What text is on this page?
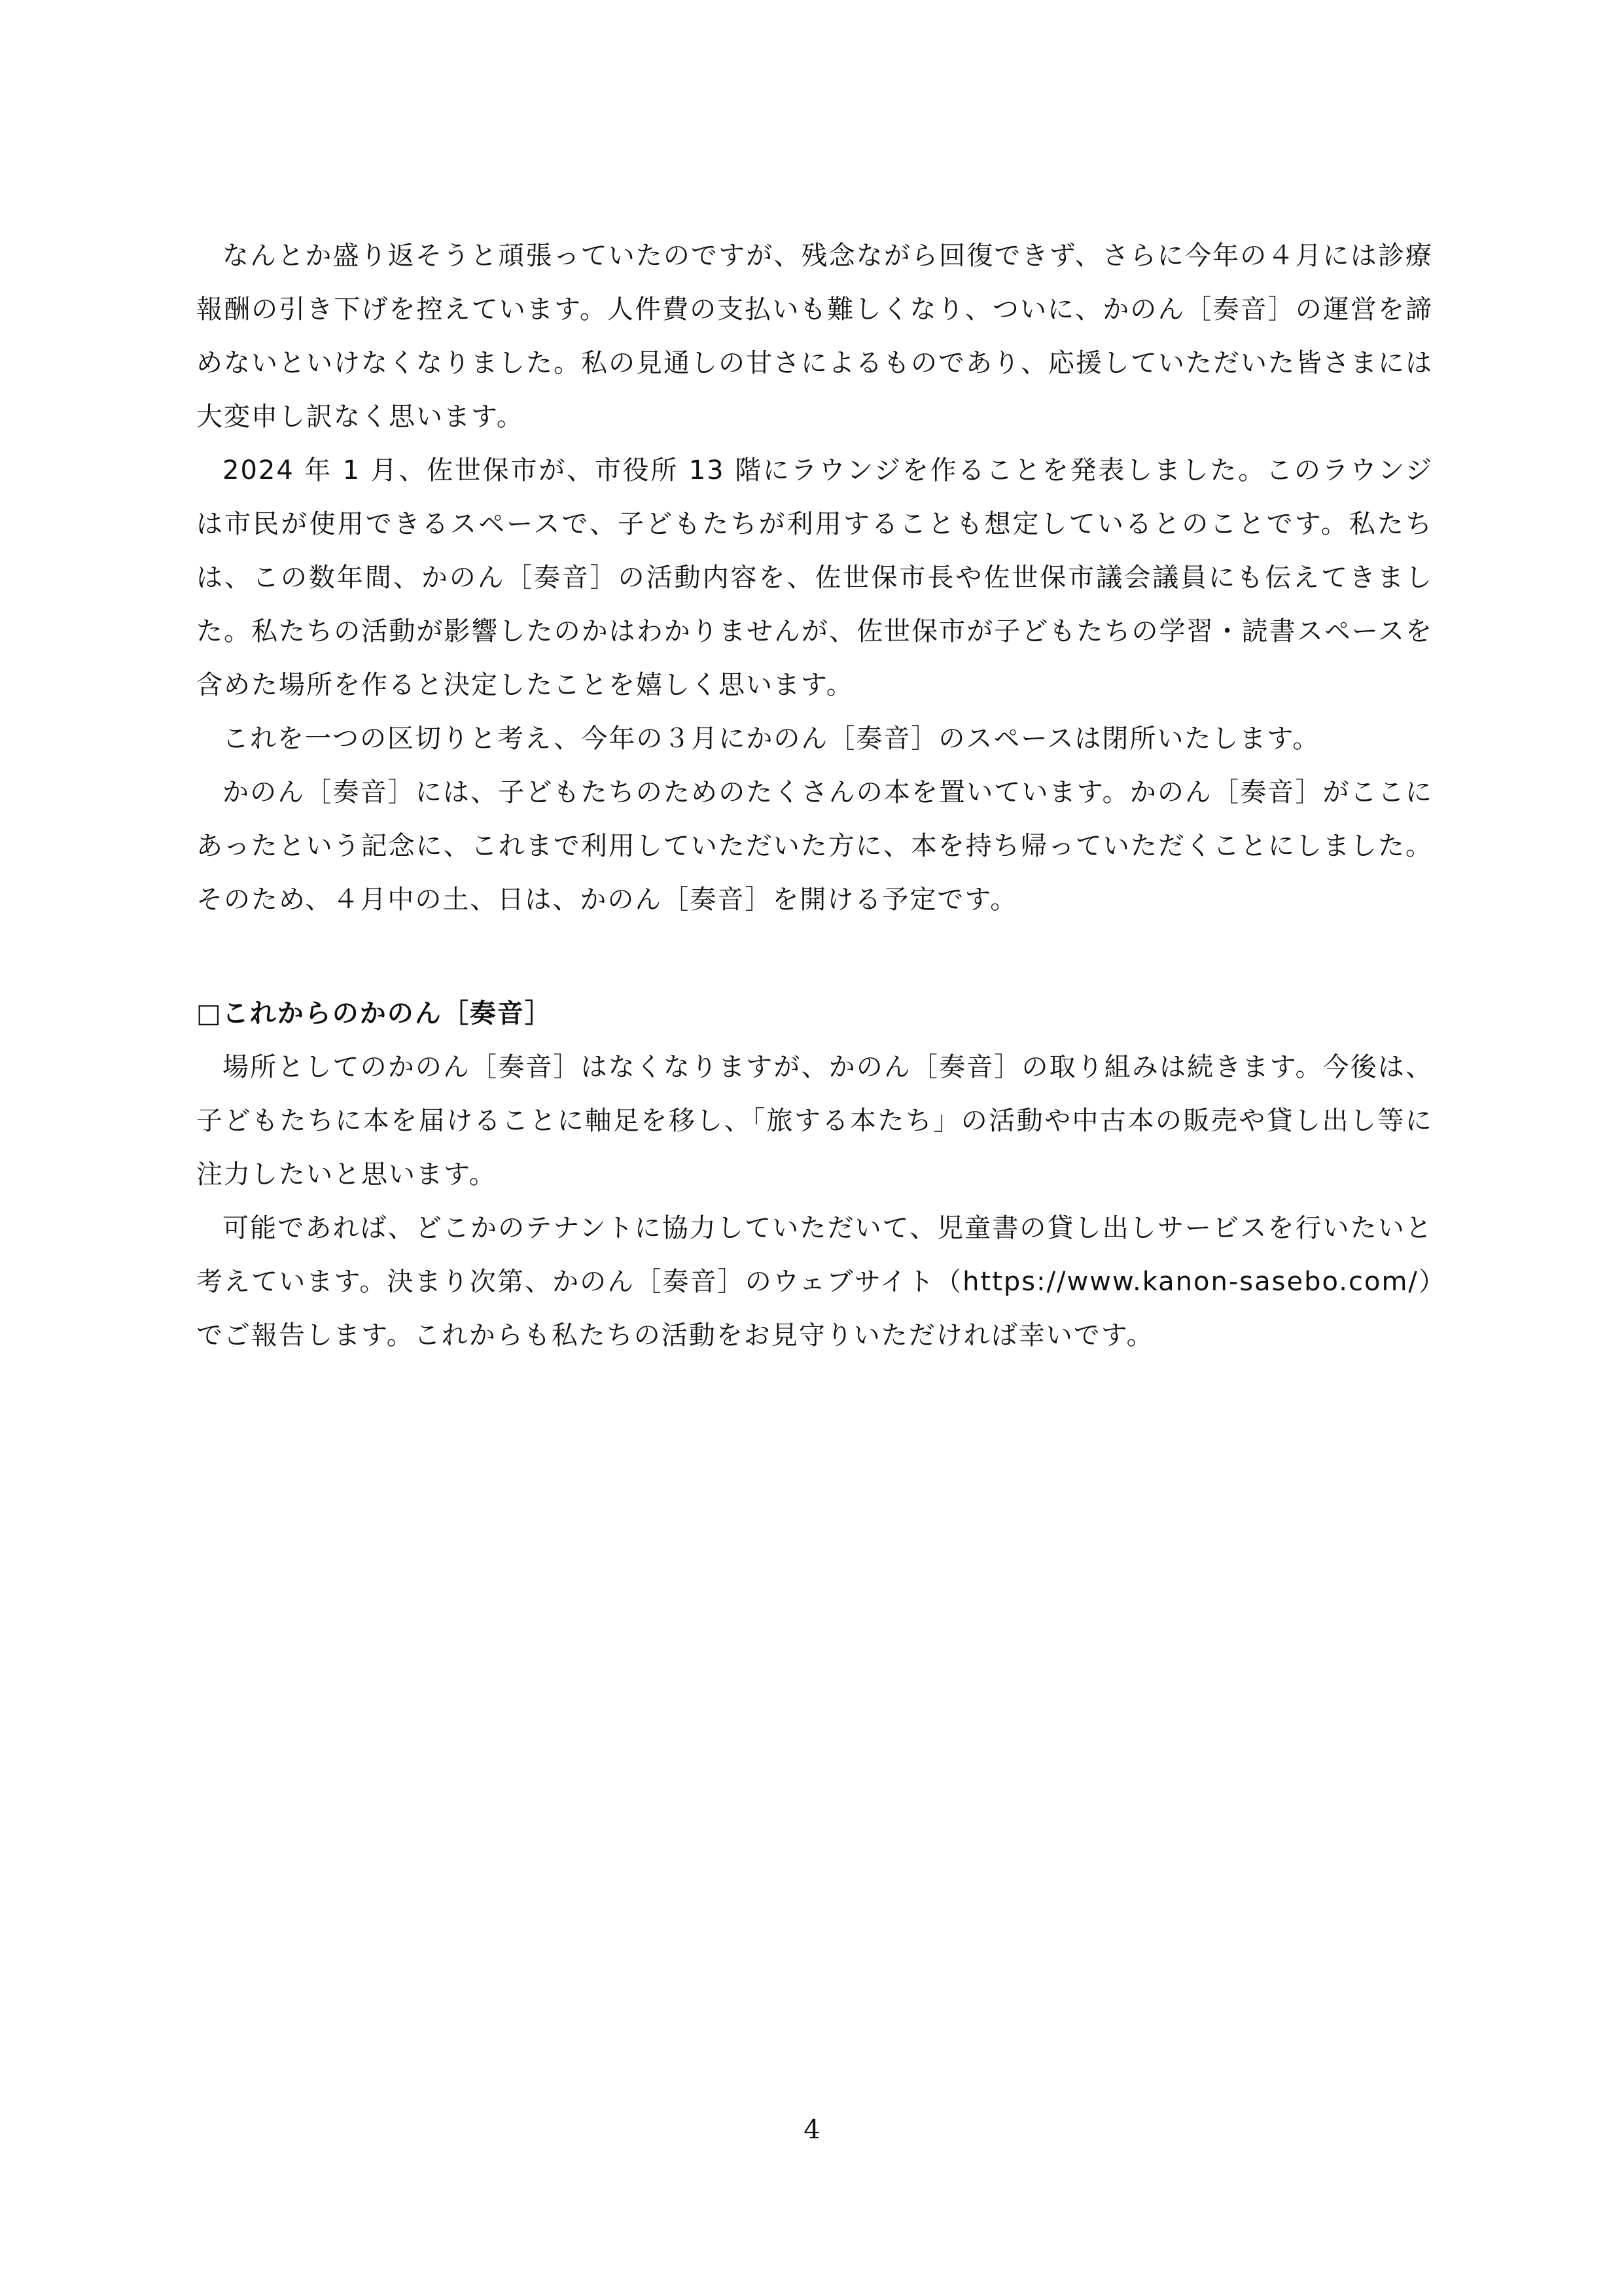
なんとか盛り返そうと頑張っていたのですが、残念ながら回復できず、さらに今年の４月には診療報酬の引き下げを控えています。人件費の支払いも難しくなり、ついに、かのん［奏音］の運営を諦めないといけなくなりました。私の見通しの甘さによるものであり、応援していただいた皆さまには大変申し訳なく思います。

2024 年 1 月、佐世保市が、市役所 13 階にラウンジを作ることを発表しました。このラウンジは市民が使用できるスペースで、子どもたちが利用することも想定しているとのことです。私たちは、この数年間、かのん［奏音］の活動内容を、佐世保市長や佐世保市議会議員にも伝えてきました。私たちの活動が影響したのかはわかりませんが、佐世保市が子どもたちの学習・読書スペースを含めた場所を作ると決定したことを嬉しく思います。

これを一つの区切りと考え、今年の３月にかのん［奏音］のスペースは閉所いたします。

かのん［奏音］には、子どもたちのためのたくさんの本を置いています。かのん［奏音］がここにあったという記念に、これまで利用していただいた方に、本を持ち帰っていただくことにしました。そのため、４月中の土、日は、かのん［奏音］を開ける予定です。

□これからのかのん［奏音］

場所としてのかのん［奏音］はなくなりますが、かのん［奏音］の取り組みは続きます。今後は、子どもたちに本を届けることに軸足を移し、「旅する本たち」の活動や中古本の販売や貸し出し等に注力したいと思います。

可能であれば、どこかのテナントに協力していただいて、児童書の貸し出しサービスを行いたいと考えています。決まり次第、かのん［奏音］のウェブサイト（https://www.kanon-sasebo.com/）でご報告します。これからも私たちの活動をお見守りいただければ幸いです。

4
